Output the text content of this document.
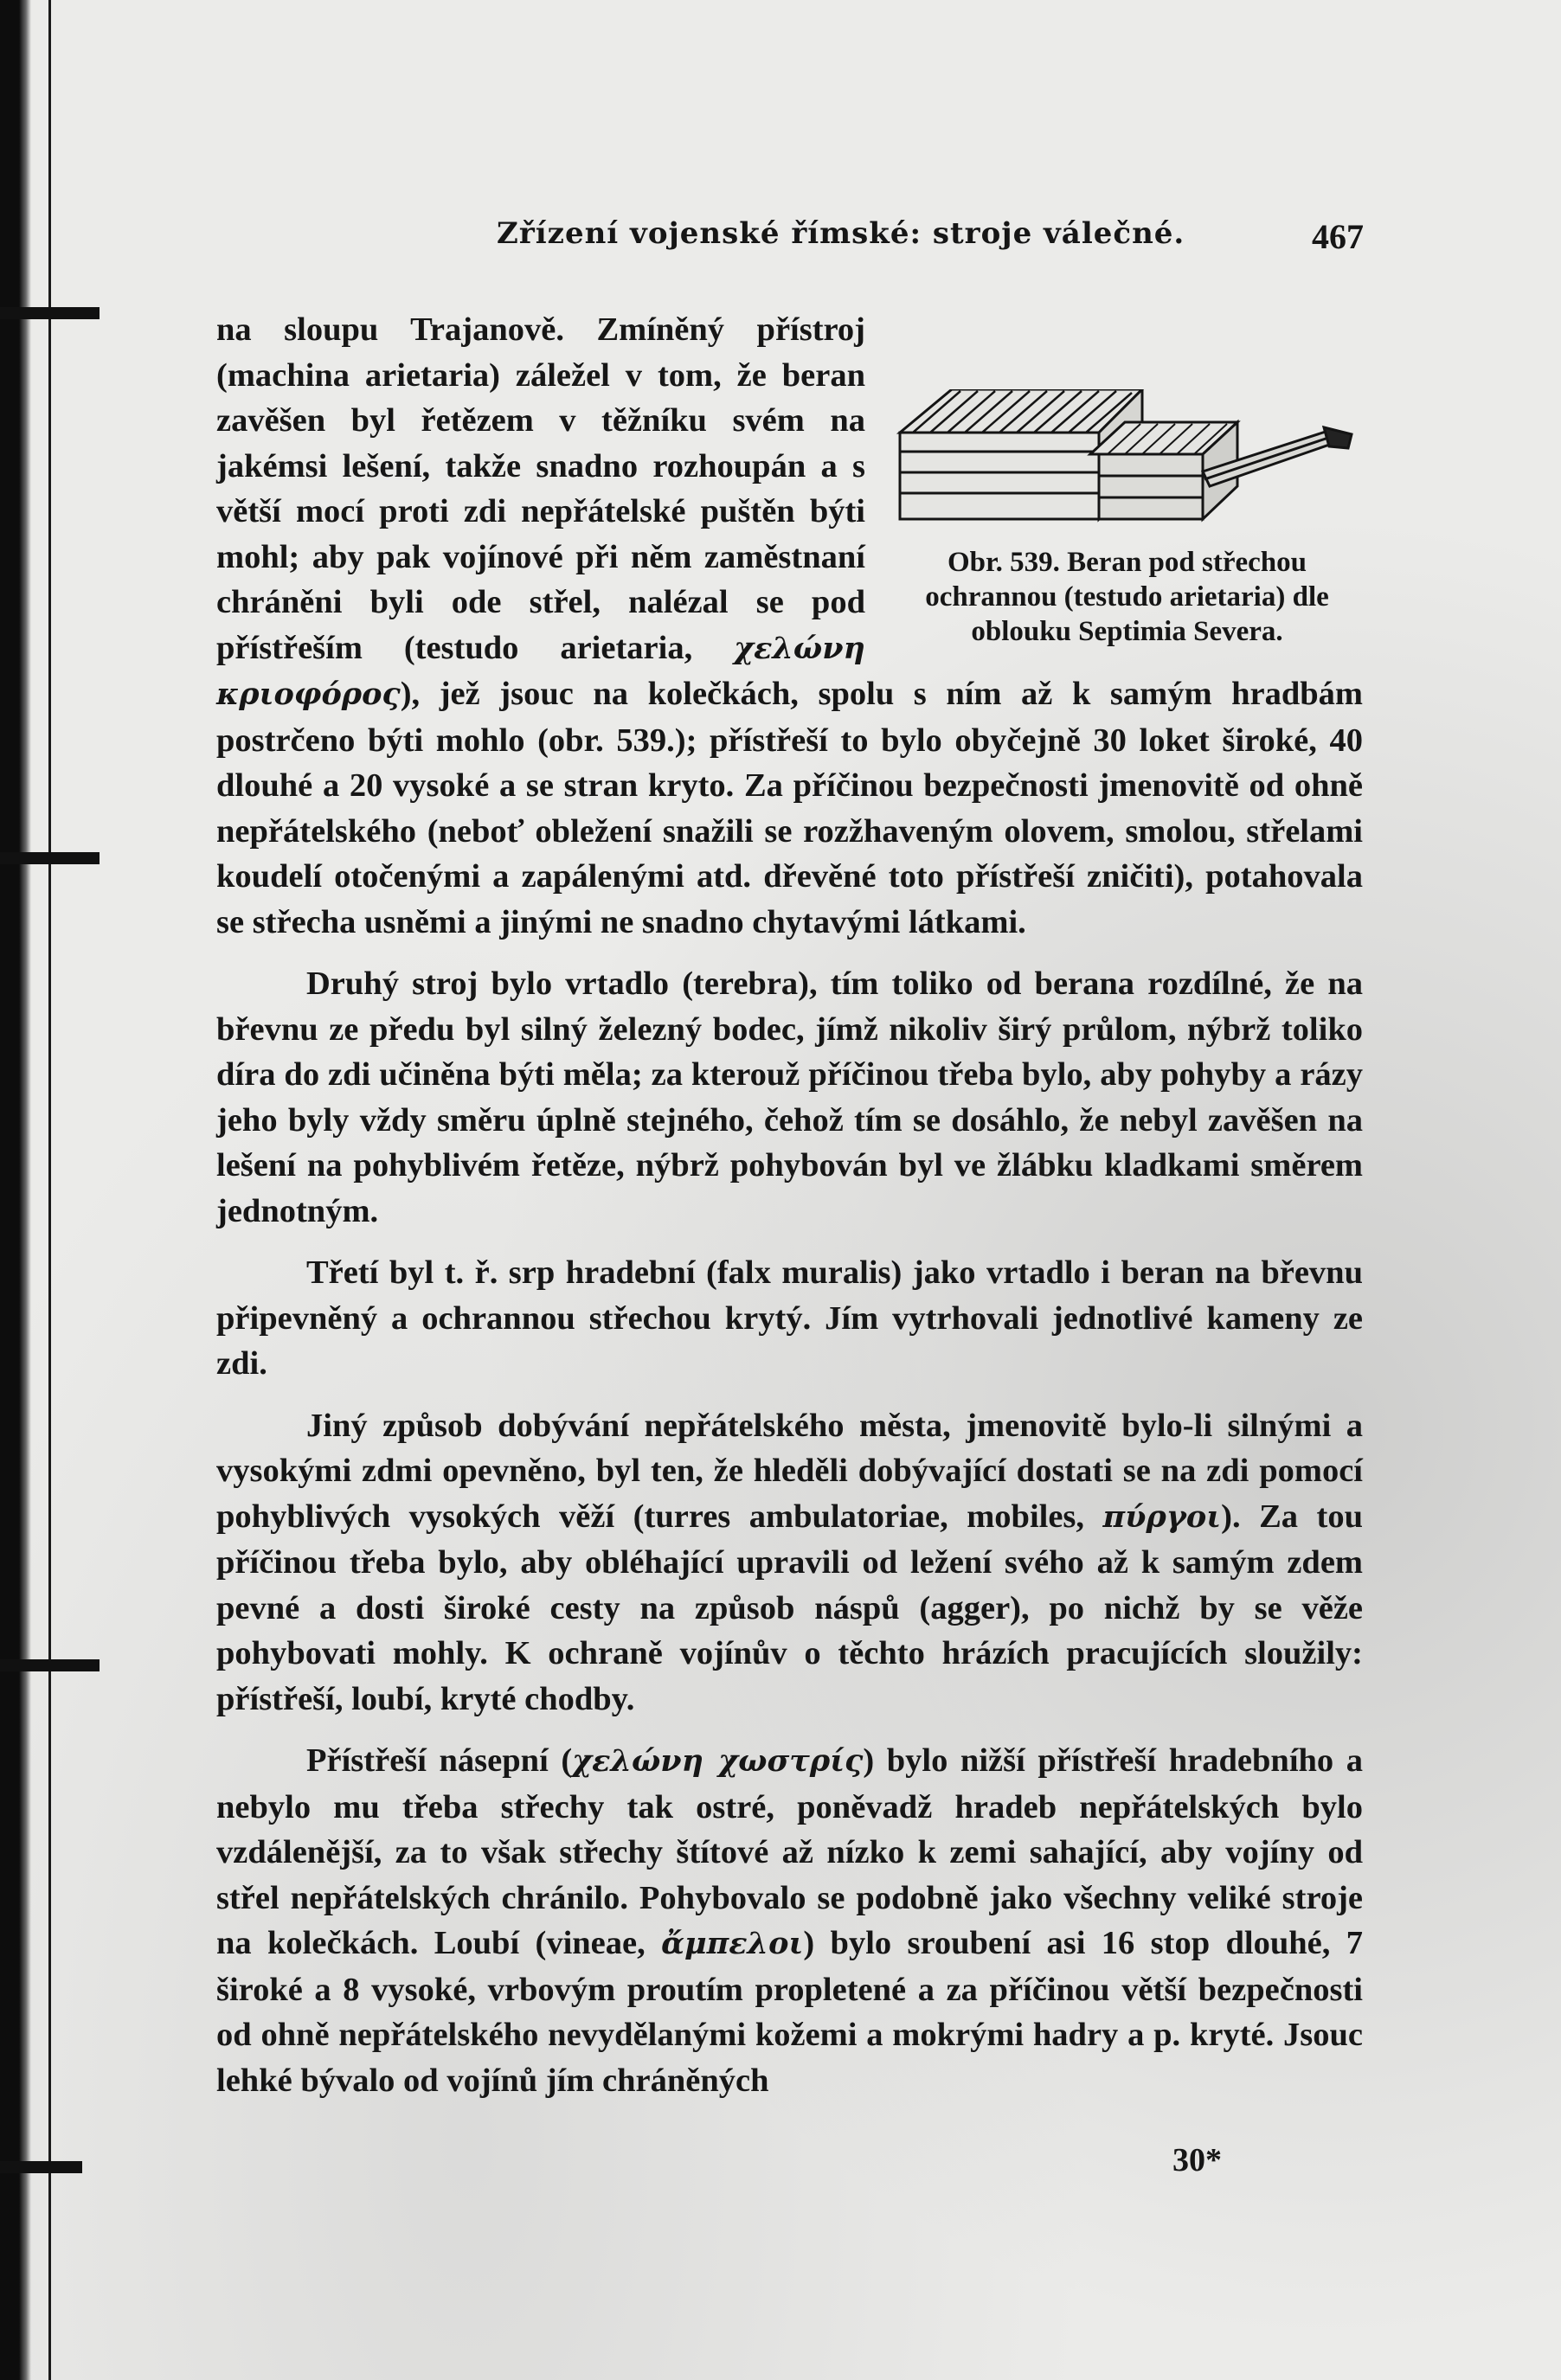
Zřízení vojenské římské: stroje válečné.	467
Obr. 539. Beran pod střechou ochrannou (testudo arietaria) dle oblouku Septimia Severa.

na sloupu Trajanově. Zmíněný přístroj (machina arietaria) záležel v tom, že beran zavěšen byl řetězem v těžníku svém na jakémsi lešení, takže snadno rozhoupán a s větší mocí proti zdi nepřátelské puštěn býti mohl; aby pak vojínové při něm zaměstnaní chráněni byli ode střel, nalézal se pod přístřeším (testudo arietaria, χελώνη κριοφόρος), jež jsouc na kolečkách, spolu s ním až k samým hradbám postrčeno býti mohlo (obr. 539.); přístřeší to bylo obyčejně 30 loket široké, 40 dlouhé a 20 vysoké a se stran kryto. Za příčinou bezpečnosti jmenovitě od ohně nepřátelského (neboť obležení snažili se rozžhaveným olovem, smolou, střelami koudelí otočenými a zapálenými atd. dřevěné toto přístřeší zničiti), potahovala se střecha usněmi a jinými ne snadno chytavými látkami.

Druhý stroj bylo vrtadlo (terebra), tím toliko od berana rozdílné, že na břevnu ze předu byl silný železný bodec, jímž nikoliv širý průlom, nýbrž toliko díra do zdi učiněna býti měla; za kterouž příčinou třeba bylo, aby pohyby a rázy jeho byly vždy směru úplně stejného, čehož tím se dosáhlo, že nebyl zavěšen na lešení na pohyblivém řetěze, nýbrž pohybován byl ve žlábku kladkami směrem jednotným.

Třetí byl t. ř. srp hradební (falx muralis) jako vrtadlo i beran na břevnu připevněný a ochrannou střechou krytý. Jím vytrhovali jednotlivé kameny ze zdi.

Jiný způsob dobývání nepřátelského města, jmenovitě bylo-li silnými a vysokými zdmi opevněno, byl ten, že hleděli dobývající dostati se na zdi pomocí pohyblivých vysokých věží (turres ambulatoriae, mobiles, πύργοι). Za tou příčinou třeba bylo, aby obléhající upravili od ležení svého až k samým zdem pevné a dosti široké cesty na způsob náspů (agger), po nichž by se věže pohybovati mohly. K ochraně vojínův o těchto hrázích pracujících sloužily: přístřeší, loubí, kryté chodby.

Přístřeší násepní (χελώνη χωστρίς) bylo nižší přístřeší hradebního a nebylo mu třeba střechy tak ostré, poněvadž hradeb nepřátelských bylo vzdálenější, za to však střechy štítové až nízko k zemi sahající, aby vojíny od střel nepřátelských chránilo. Pohybovalo se podobně jako všechny veliké stroje na kolečkách. Loubí (vineae, ἄμπελοι) bylo sroubení asi 16 stop dlouhé, 7 široké a 8 vysoké, vrbovým proutím propletené a za příčinou větší bezpečnosti od ohně nepřátelského nevydělanými kožemi a mokrými hadry a p. kryté. Jsouc lehké bývalo od vojínů jím chráněných

30*
